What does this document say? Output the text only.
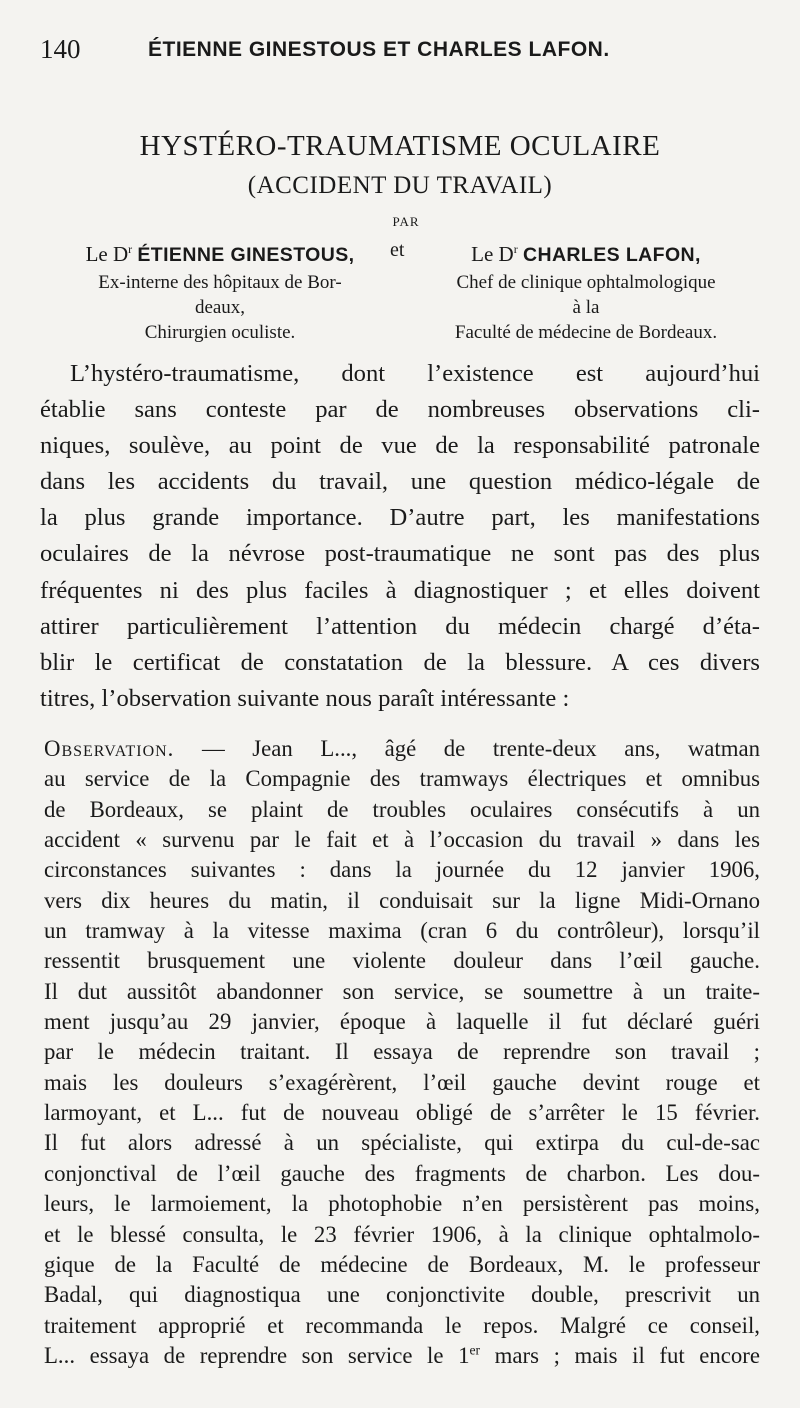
140	ÉTIENNE GINESTOUS ET CHARLES LAFON.
HYSTÉRO-TRAUMATISME OCULAIRE
(ACCIDENT DU TRAVAIL)
PAR
Le $D^r$ ÉTIENNE GINESTOUS,
Ex-interne des hôpitaux de Bor-
deaux,
Chirurgien oculiste.
et	Le $D^r$ CHARLES LAFON,
Chef de clinique ophtalmologique
à la
Faculté de médecine de Bordeaux.
L’hystéro-traumatisme, dont l’existence est aujourd’hui
établie sans conteste par de nombreuses observations cli-
niques, soulève, au point de vue de la responsabilité patronale
dans les accidents du travail, une question médico-légale de
la plus grande importance. D’autre part, les manifestations
oculaires de la névrose post-traumatique ne sont pas des plus
fréquentes ni des plus faciles à diagnostiquer ; et elles doivent
attirer particulièrement l’attention du médecin chargé d’éta-
blir le certificat de constatation de la blessure. A ces divers
titres, l’observation suivante nous paraît intéressante :
Observation. — Jean L..., âgé de trente-deux ans, watman
au service de la Compagnie des tramways électriques et omnibus
de Bordeaux, se plaint de troubles oculaires consécutifs à un
accident « survenu par le fait et à l’occasion du travail » dans les
circonstances suivantes : dans la journée du 12 janvier 1906,
vers dix heures du matin, il conduisait sur la ligne Midi-Ornano
un tramway à la vitesse maxima (cran 6 du contrôleur), lorsqu’il
ressentit brusquement une violente douleur dans l’œil gauche.
Il dut aussitôt abandonner son service, se soumettre à un traite-
ment jusqu’au 29 janvier, époque à laquelle il fut déclaré guéri
par le médecin traitant. Il essaya de reprendre son travail ;
mais les douleurs s’exagérèrent, l’œil gauche devint rouge et
larmoyant, et L... fut de nouveau obligé de s’arrêter le 15 février.
Il fut alors adressé à un spécialiste, qui extirpa du cul-de-sac
conjonctival de l’œil gauche des fragments de charbon. Les dou-
leurs, le larmoiement, la photophobie n’en persistèrent pas moins,
et le blessé consulta, le 23 février 1906, à la clinique ophtalmolo-
gique de la Faculté de médecine de Bordeaux, M. le professeur
Badal, qui diagnostiqua une conjonctivite double, prescrivit un
traitement approprié et recommanda le repos. Malgré ce conseil,
L... essaya de reprendre son service le 1er mars ; mais il fut encore
